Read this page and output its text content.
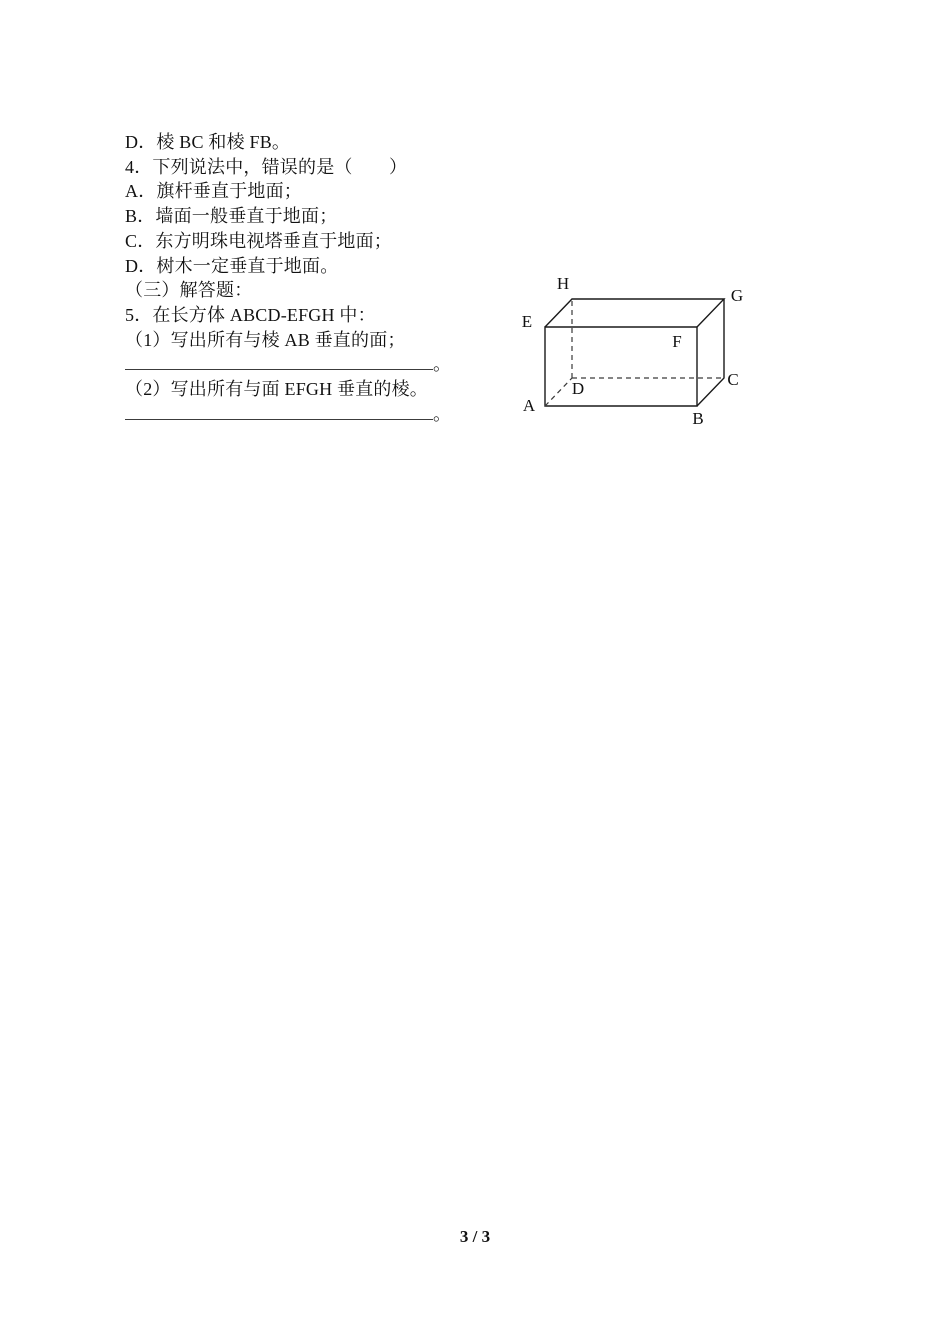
D．棱 BC 和棱 FB。

4．下列说法中，错误的是（　　）

A．旗杆垂直于地面；

B．墙面一般垂直于地面；

C．东方明珠电视塔垂直于地面；

D．树木一定垂直于地面。

（三）解答题：

5．在长方体 ABCD-EFGH 中：

（1）写出所有与棱 AB 垂直的面；

。

（2）写出所有与面 EFGH 垂直的棱。

。

H
G
E
F
D	C
A
B
3 / 3
